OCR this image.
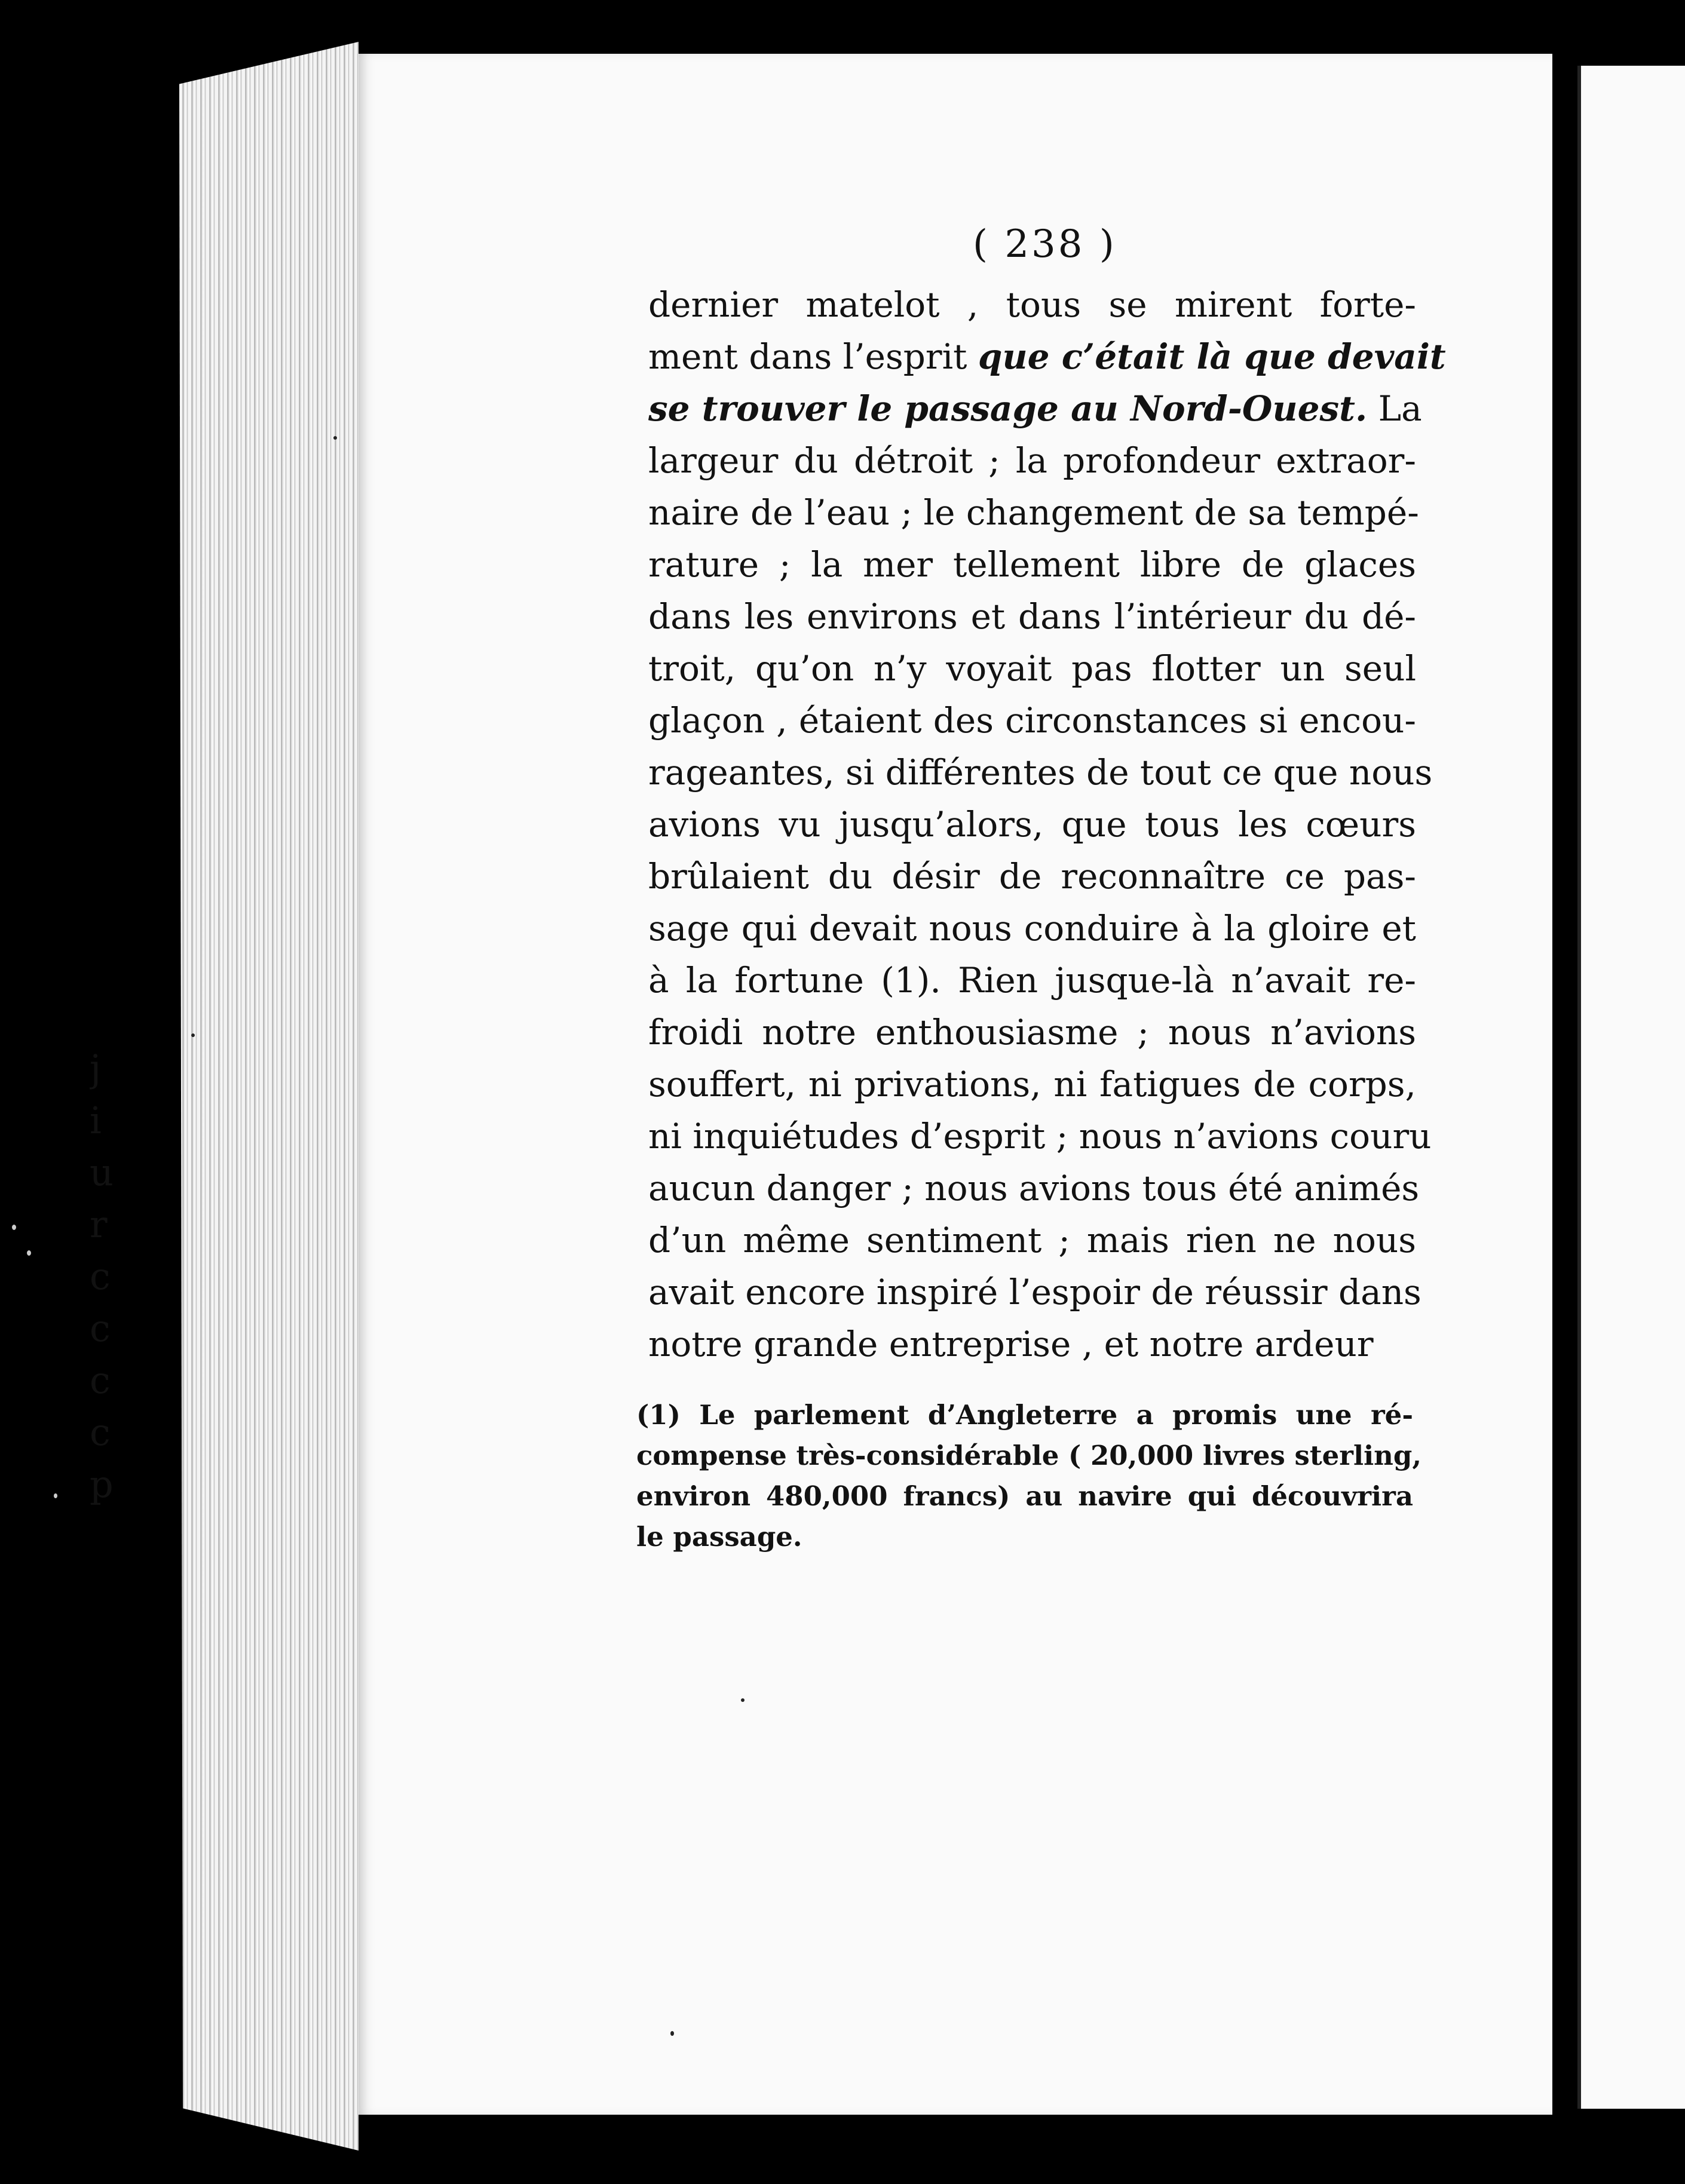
( 238 )
dernier matelot , tous se mirent forte-
ment dans l’esprit que c’était là que devait
se trouver le passage au Nord-Ouest. La
largeur du détroit ; la profondeur extraor-
naire de l’eau ; le changement de sa tempé-
rature ; la mer tellement libre de glaces
dans les environs et dans l’intérieur du dé-
troit, qu’on n’y voyait pas flotter un seul
glaçon , étaient des circonstances si encou-
rageantes, si différentes de tout ce que nous
avions vu jusqu’alors, que tous les cœurs
brûlaient du désir de reconnaître ce pas-
sage qui devait nous conduire à la gloire et
à la fortune (1). Rien jusque-là n’avait re-
froidi notre enthousiasme ; nous n’avions
souffert, ni privations, ni fatigues de corps,
ni inquiétudes d’esprit ; nous n’avions couru
aucun danger ; nous avions tous été animés
d’un même sentiment ; mais rien ne nous
avait encore inspiré l’espoir de réussir dans
notre grande entreprise , et notre ardeur
(1) Le parlement d’Angleterre a promis une ré-
compense très-considérable ( 20,000 livres sterling,
environ 480,000 francs) au navire qui découvrira
le passage.
j
i
u
r
c
c
c
c
p
